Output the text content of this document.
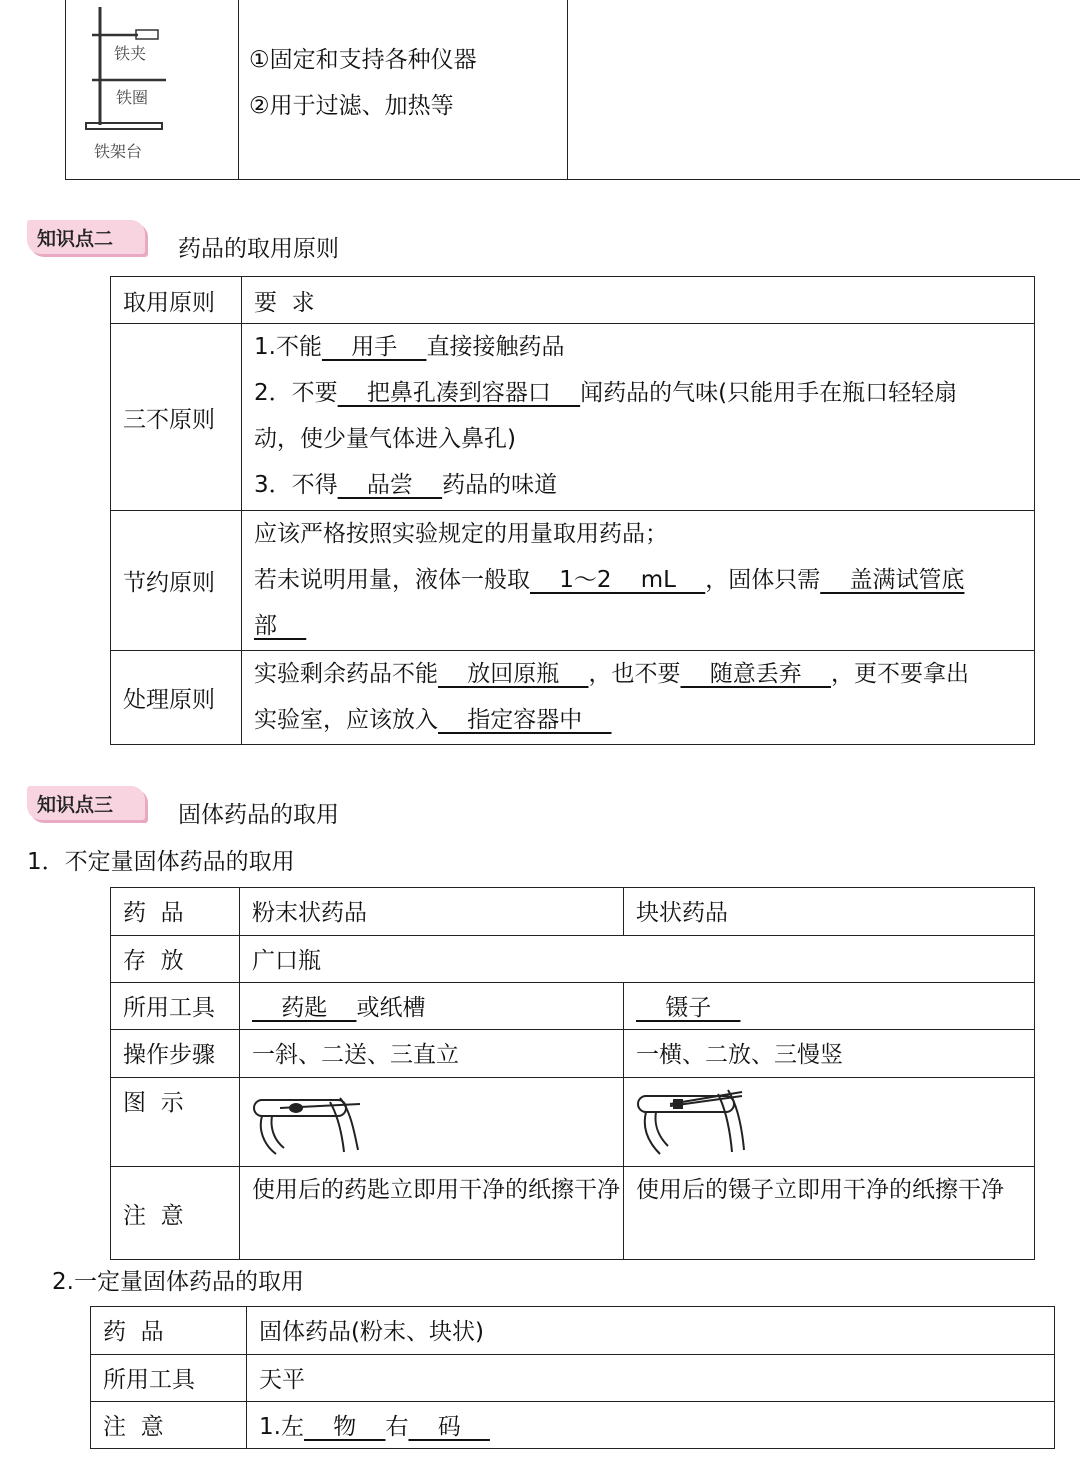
铁夹
铁圈
铁架台

①固定和支持各种仪器
②用于过滤、加热等

知识点二	药品的取用原则
取用原则	要  求
三不原则	1.不能    用手    直接接触药品
2．不要    把鼻孔凑到容器口    闻药品的气味(只能用手在瓶口轻轻扇
动，使少量气体进入鼻孔)
3．不得    品尝    药品的味道

节约原则	应该严格按照实验规定的用量取用药品；
若未说明用量，液体一般取    1～2    mL    ，固体只需    盖满试管底
部

处理原则	实验剩余药品不能    放回原瓶    ，也不要    随意丢弃    ，更不要拿出
实验室，应该放入    指定容器中
知识点三	固体药品的取用
1．不定量固体药品的取用
药  品	粉末状药品	块状药品
存  放	广口瓶	
所用工具	药匙    或纸槽	镊子
操作步骤	一斜、二送、三直立	一横、二放、三慢竖
图  示		
注  意	使用后的药匙立即用干净的纸擦干净	使用后的镊子立即用干净的纸擦干净
2.一定量固体药品的取用
药  品	固体药品(粉末、块状)
所用工具	天平
注  意	1.左    物    右    码
